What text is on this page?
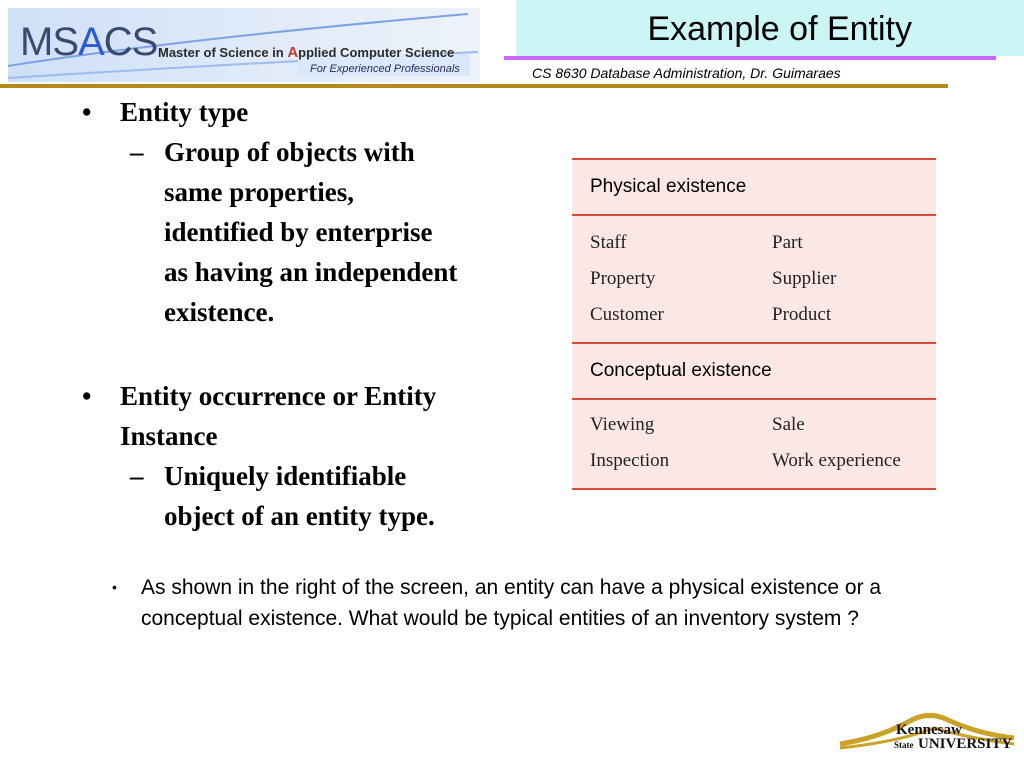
MSACS Master of Science in Applied Computer Science
For Experienced Professionals
Example of Entity
CS 8630 Database Administration, Dr. Guimaraes
• Entity type
– Group of objects with
same properties,
identified by enterprise
as having an independent
existence.
• Entity occurrence or Entity
Instance
– Uniquely identifiable
object of an entity type.
Physical existence
Staff	Part
Property	Supplier
Customer	Product
Conceptual existence
Viewing	Sale
Inspection	Work experience
•	As shown in the right of the screen, an entity can have a physical existence or a conceptual existence. What would be typical entities of an inventory system ?
Kennesaw
State UNIVERSITY
